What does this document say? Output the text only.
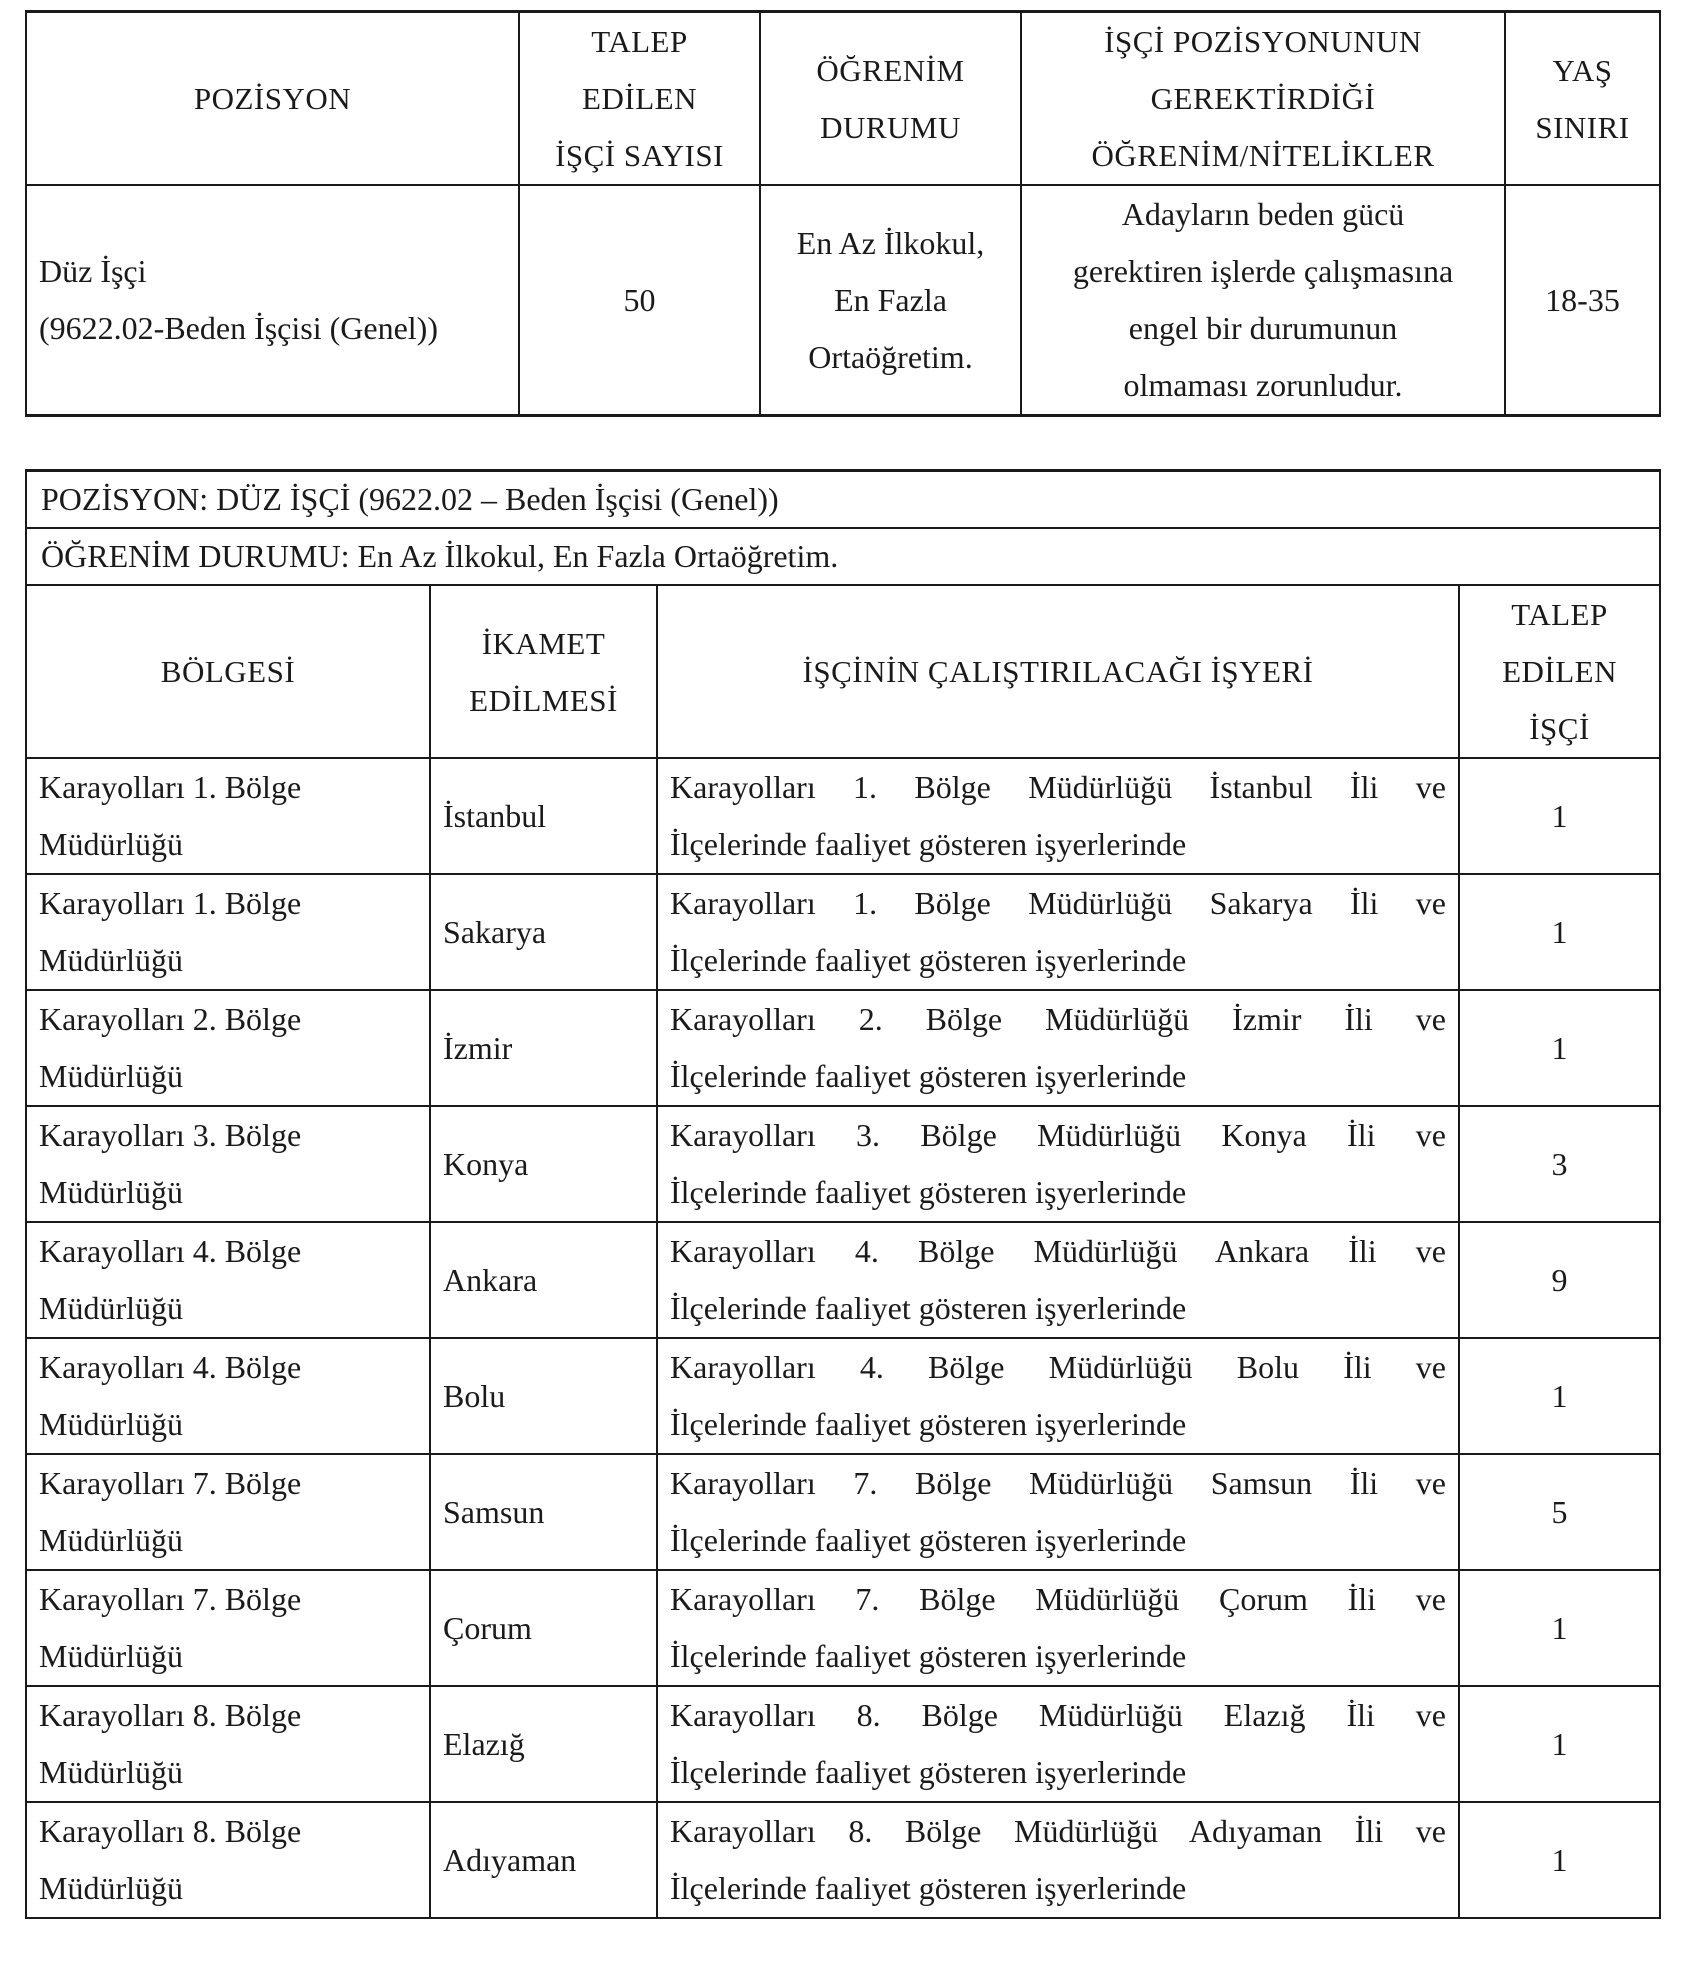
POZİSYON	TALEP
EDİLEN
İŞÇİ SAYISI	ÖĞRENİM
DURUMU	İŞÇİ POZİSYONUNUN
GEREKTİRDİĞİ
ÖĞRENİM/NİTELİKLER	YAŞ
SINIRI

Düz İşçi
(9622.02-Beden İşçisi (Genel))	50	En Az İlkokul,
En Fazla
Ortaöğretim.	Adayların beden gücü
gerektiren işlerde çalışmasına
engel bir durumunun
olmaması zorunludur.	18-35
POZİSYON: DÜZ İŞÇİ (9622.02 – Beden İşçisi (Genel))			
ÖĞRENİM DURUMU: En Az İlkokul, En Fazla Ortaöğretim.			
BÖLGESİ	İKAMET
EDİLMESİ	İŞÇİNİN ÇALIŞTIRILACAĞI İŞYERİ	TALEP
EDİLEN
İŞÇİ

Karayolları 1. Bölge
Müdürlüğü	İstanbul	Karayolları 1. Bölge Müdürlüğü İstanbul İli ve
İlçelerinde faaliyet gösteren işyerlerinde	1

Karayolları 1. Bölge
Müdürlüğü	Sakarya	Karayolları 1. Bölge Müdürlüğü Sakarya İli ve
İlçelerinde faaliyet gösteren işyerlerinde	1

Karayolları 2. Bölge
Müdürlüğü	İzmir	Karayolları 2. Bölge Müdürlüğü İzmir İli ve
İlçelerinde faaliyet gösteren işyerlerinde	1

Karayolları 3. Bölge
Müdürlüğü	Konya	Karayolları 3. Bölge Müdürlüğü Konya İli ve
İlçelerinde faaliyet gösteren işyerlerinde	3

Karayolları 4. Bölge
Müdürlüğü	Ankara	Karayolları 4. Bölge Müdürlüğü Ankara İli ve
İlçelerinde faaliyet gösteren işyerlerinde	9

Karayolları 4. Bölge
Müdürlüğü	Bolu	Karayolları 4. Bölge Müdürlüğü Bolu İli ve
İlçelerinde faaliyet gösteren işyerlerinde	1

Karayolları 7. Bölge
Müdürlüğü	Samsun	Karayolları 7. Bölge Müdürlüğü Samsun İli ve
İlçelerinde faaliyet gösteren işyerlerinde	5

Karayolları 7. Bölge
Müdürlüğü	Çorum	Karayolları 7. Bölge Müdürlüğü Çorum İli ve
İlçelerinde faaliyet gösteren işyerlerinde	1

Karayolları 8. Bölge
Müdürlüğü	Elazığ	Karayolları 8. Bölge Müdürlüğü Elazığ İli ve
İlçelerinde faaliyet gösteren işyerlerinde	1

Karayolları 8. Bölge
Müdürlüğü	Adıyaman	Karayolları 8. Bölge Müdürlüğü Adıyaman İli ve
İlçelerinde faaliyet gösteren işyerlerinde	1
